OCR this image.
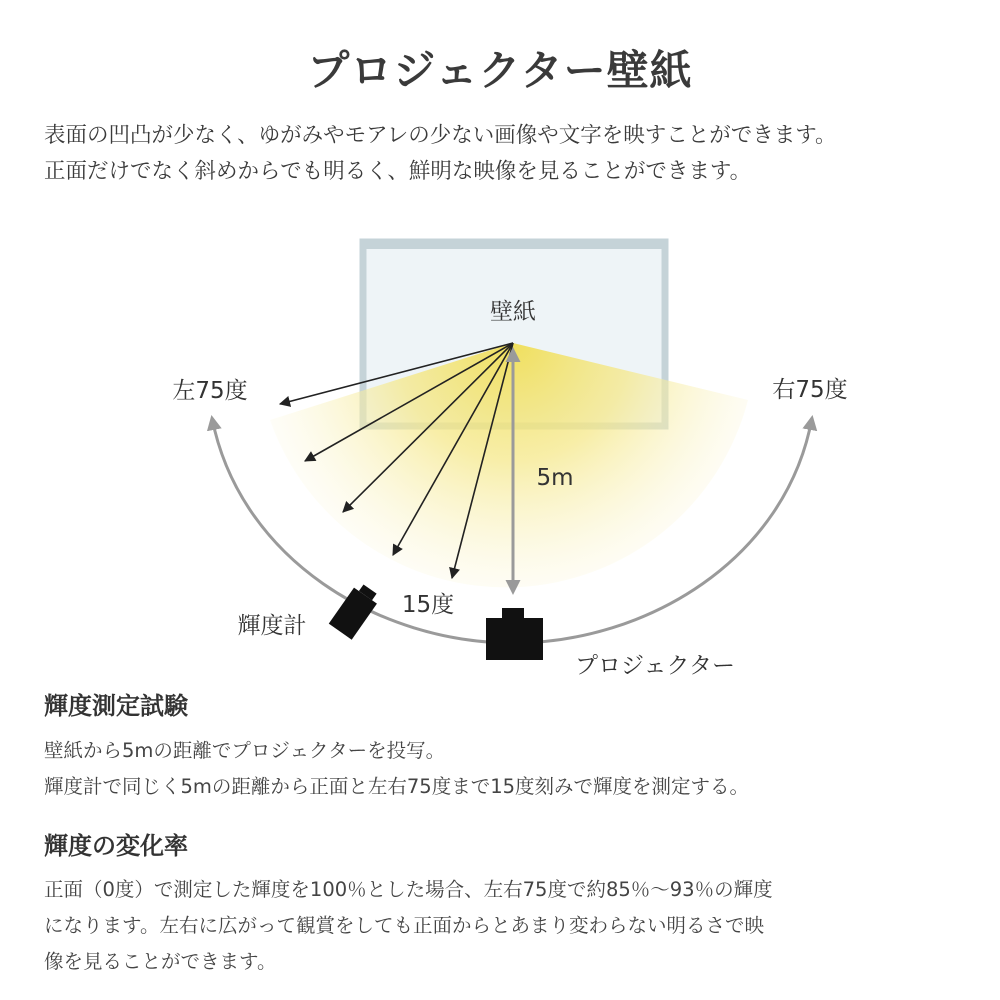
プロジェクター壁紙
表面の凹凸が少なく、ゆがみやモアレの少ない画像や文字を映すことができます。
正面だけでなく斜めからでも明るく、鮮明な映像を見ることができます。
壁紙
左75度	右75度
5m
15度
輝度計
プロジェクター
輝度測定試験
壁紙から5mの距離でプロジェクターを投写。
輝度計で同じく5mの距離から正面と左右75度まで15度刻みで輝度を測定する。
輝度の変化率
正面（0度）で測定した輝度を100％とした場合、左右75度で約85％～93％の輝度
になります。左右に広がって観賞をしても正面からとあまり変わらない明るさで映
像を見ることができます。
